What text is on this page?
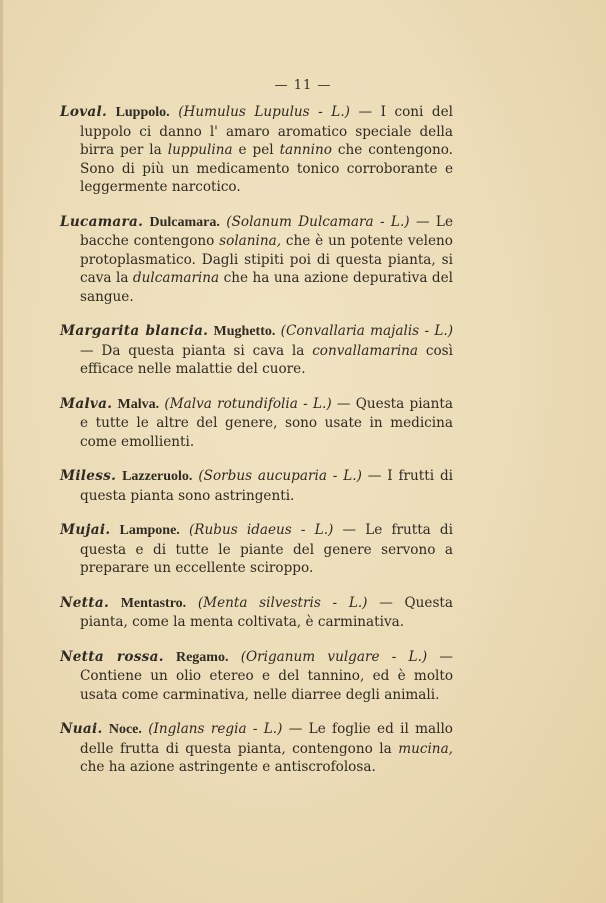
— 11 —

Loval. Luppolo. (Humulus Lupulus - L.) — I coni del luppolo ci danno l' amaro aromatico speciale della birra per la luppulina e pel tannino che contengono. Sono di più un medicamento tonico corroborante e leggermente narcotico.

Lucamara. Dulcamara. (Solanum Dulcamara - L.) — Le bacche contengono solanina, che è un potente veleno protoplasmatico. Dagli stipiti poi di questa pianta, si cava la dulcamarina che ha una azione depurativa del sangue.

Margarita blancia. Mughetto. (Convallaria majalis - L.) — Da questa pianta si cava la convallamarina così efficace nelle malattie del cuore.

Malva. Malva. (Malva rotundifolia - L.) — Questa pianta e tutte le altre del genere, sono usate in medicina come emollienti.

Miless. Lazzeruolo. (Sorbus aucuparia - L.) — I frutti di questa pianta sono astringenti.

Mujai. Lampone. (Rubus idaeus - L.) — Le frutta di questa e di tutte le piante del genere servono a preparare un eccellente sciroppo.

Netta. Mentastro. (Menta silvestris - L.) — Questa pianta, come la menta coltivata, è carminativa.

Netta rossa. Regamo. (Origanum vulgare - L.) — Contiene un olio etereo e del tannino, ed è molto usata come carminativa, nelle diarree degli animali.

Nuai. Noce. (Inglans regia - L.) — Le foglie ed il mallo delle frutta di questa pianta, contengono la mucina, che ha azione astringente e antiscrofolosa.
